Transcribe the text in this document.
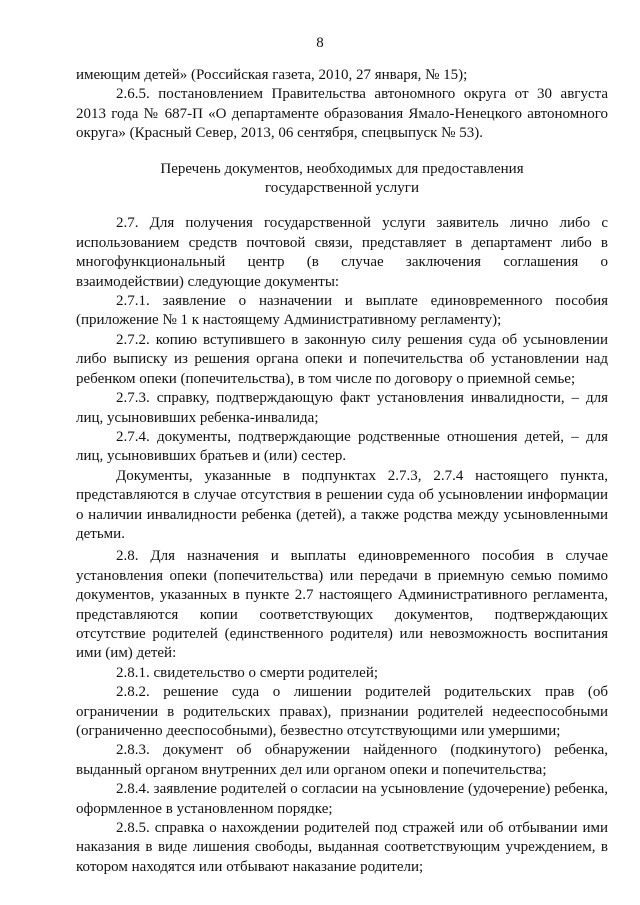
8

имеющим детей» (Российская газета, 2010, 27 января, № 15);

2.6.5. постановлением Правительства автономного округа от 30 августа 2013 года № 687-П «О департаменте образования Ямало-Ненецкого автономного округа» (Красный Север, 2013, 06 сентября, спецвыпуск № 53).

Перечень документов, необходимых для предоставления
государственной услуги

2.7. Для получения государственной услуги заявитель лично либо с использованием средств почтовой связи, представляет в департамент либо в многофункциональный центр (в случае заключения соглашения о взаимодействии) следующие документы:

2.7.1. заявление о назначении и выплате единовременного пособия (приложение № 1 к настоящему Административному регламенту);

2.7.2. копию вступившего в законную силу решения суда об усыновлении либо выписку из решения органа опеки и попечительства об установлении над ребенком опеки (попечительства), в том числе по договору о приемной семье;

2.7.3. справку, подтверждающую факт установления инвалидности, – для лиц, усыновивших ребенка-инвалида;

2.7.4. документы, подтверждающие родственные отношения детей, – для лиц, усыновивших братьев и (или) сестер.

Документы, указанные в подпунктах 2.7.3, 2.7.4 настоящего пункта, представляются в случае отсутствия в решении суда об усыновлении информации о наличии инвалидности ребенка (детей), а также родства между усыновленными детьми.

2.8. Для назначения и выплаты единовременного пособия в случае установления опеки (попечительства) или передачи в приемную семью помимо документов, указанных в пункте 2.7 настоящего Административного регламента, представляются копии соответствующих документов, подтверждающих отсутствие родителей (единственного родителя) или невозможность воспитания ими (им) детей:

2.8.1. свидетельство о смерти родителей;

2.8.2. решение суда о лишении родителей родительских прав (об ограничении в родительских правах), признании родителей недееспособными (ограниченно дееспособными), безвестно отсутствующими или умершими;

2.8.3. документ об обнаружении найденного (подкинутого) ребенка, выданный органом внутренних дел или органом опеки и попечительства;

2.8.4. заявление родителей о согласии на усыновление (удочерение) ребенка, оформленное в установленном порядке;

2.8.5. справка о нахождении родителей под стражей или об отбывании ими наказания в виде лишения свободы, выданная соответствующим учреждением, в котором находятся или отбывают наказание родители;
